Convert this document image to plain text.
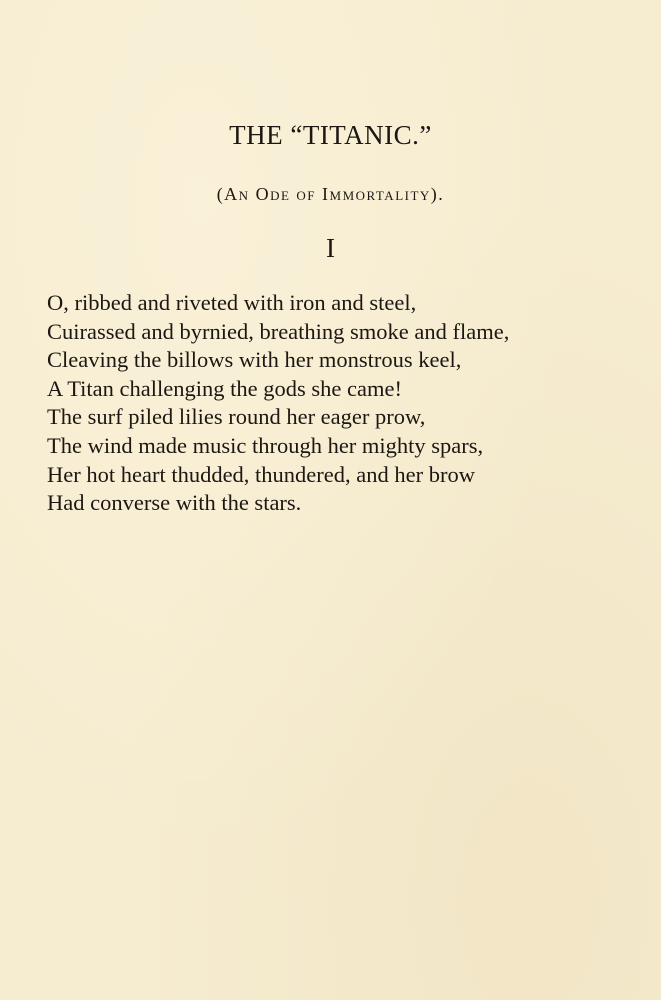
THE “TITANIC.”
(An Ode of Immortality).
I
O, ribbed and riveted with iron and steel,
Cuirassed and byrnied, breathing smoke and flame,
Cleaving the billows with her monstrous keel,
A Titan challenging the gods she came!
The surf piled lilies round her eager prow,
The wind made music through her mighty spars,
Her hot heart thudded, thundered, and her brow
Had converse with the stars.
